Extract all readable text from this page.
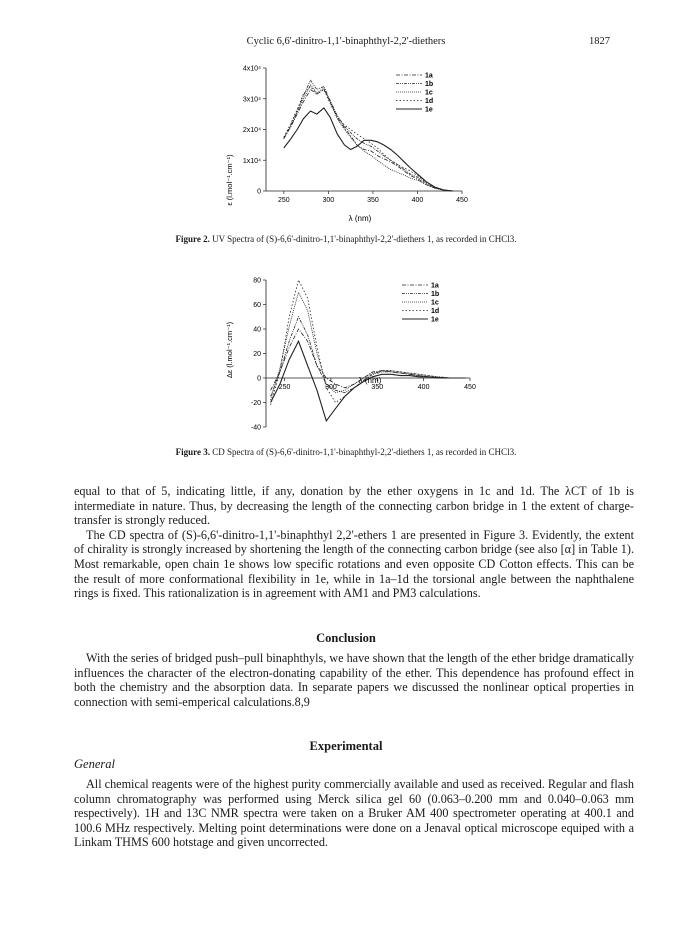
Cyclic 6,6'-dinitro-1,1'-binaphthyl-2,2'-diethers	1827
0
1x10⁴
2x10⁴
3x10⁴
4x10⁴
250	300	350	400	450
1a
1b
1c
1d
1e
ε (l.mol⁻¹.cm⁻¹)
λ (nm)
Figure 2. UV Spectra of (S)-6,6'-dinitro-1,1'-binaphthyl-2,2'-diethers 1, as recorded in CHCl3.
-40
-20
0
20
40
60
80
250	300	350	400	450
1a
1b
1c
1d
1e
Δε (l.mol⁻¹.cm⁻¹)
λ (nm)
Figure 3. CD Spectra of (S)-6,6'-dinitro-1,1'-binaphthyl-2,2'-diethers 1, as recorded in CHCl3.

equal to that of 5, indicating little, if any, donation by the ether oxygens in 1c and 1d. The λCT of 1b is intermediate in nature. Thus, by decreasing the length of the connecting carbon bridge in 1 the extent of charge-transfer is strongly reduced.

The CD spectra of (S)-6,6'-dinitro-1,1'-binaphthyl 2,2'-ethers 1 are presented in Figure 3. Evidently, the extent of chirality is strongly increased by shortening the length of the connecting carbon bridge (see also [α] in Table 1). Most remarkable, open chain 1e shows low specific rotations and even opposite CD Cotton effects. This can be the result of more conformational flexibility in 1e, while in 1a–1d the torsional angle between the naphthalene rings is fixed. This rationalization is in agreement with AM1 and PM3 calculations.

Conclusion

With the series of bridged push–pull binaphthyls, we have shown that the length of the ether bridge dramatically influences the character of the electron-donating capability of the ether. This dependence has profound effect in both the chemistry and the absorption data. In separate papers we discussed the nonlinear optical properties in connection with semi-emperical calculations.8,9

Experimental
General

All chemical reagents were of the highest purity commercially available and used as received. Regular and flash column chromatography was performed using Merck silica gel 60 (0.063–0.200 mm and 0.040–0.063 mm respectively). 1H and 13C NMR spectra were taken on a Bruker AM 400 spectrometer operating at 400.1 and 100.6 MHz respectively. Melting point determinations were done on a Jenaval optical microscope equiped with a Linkam THMS 600 hotstage and given uncorrected.
